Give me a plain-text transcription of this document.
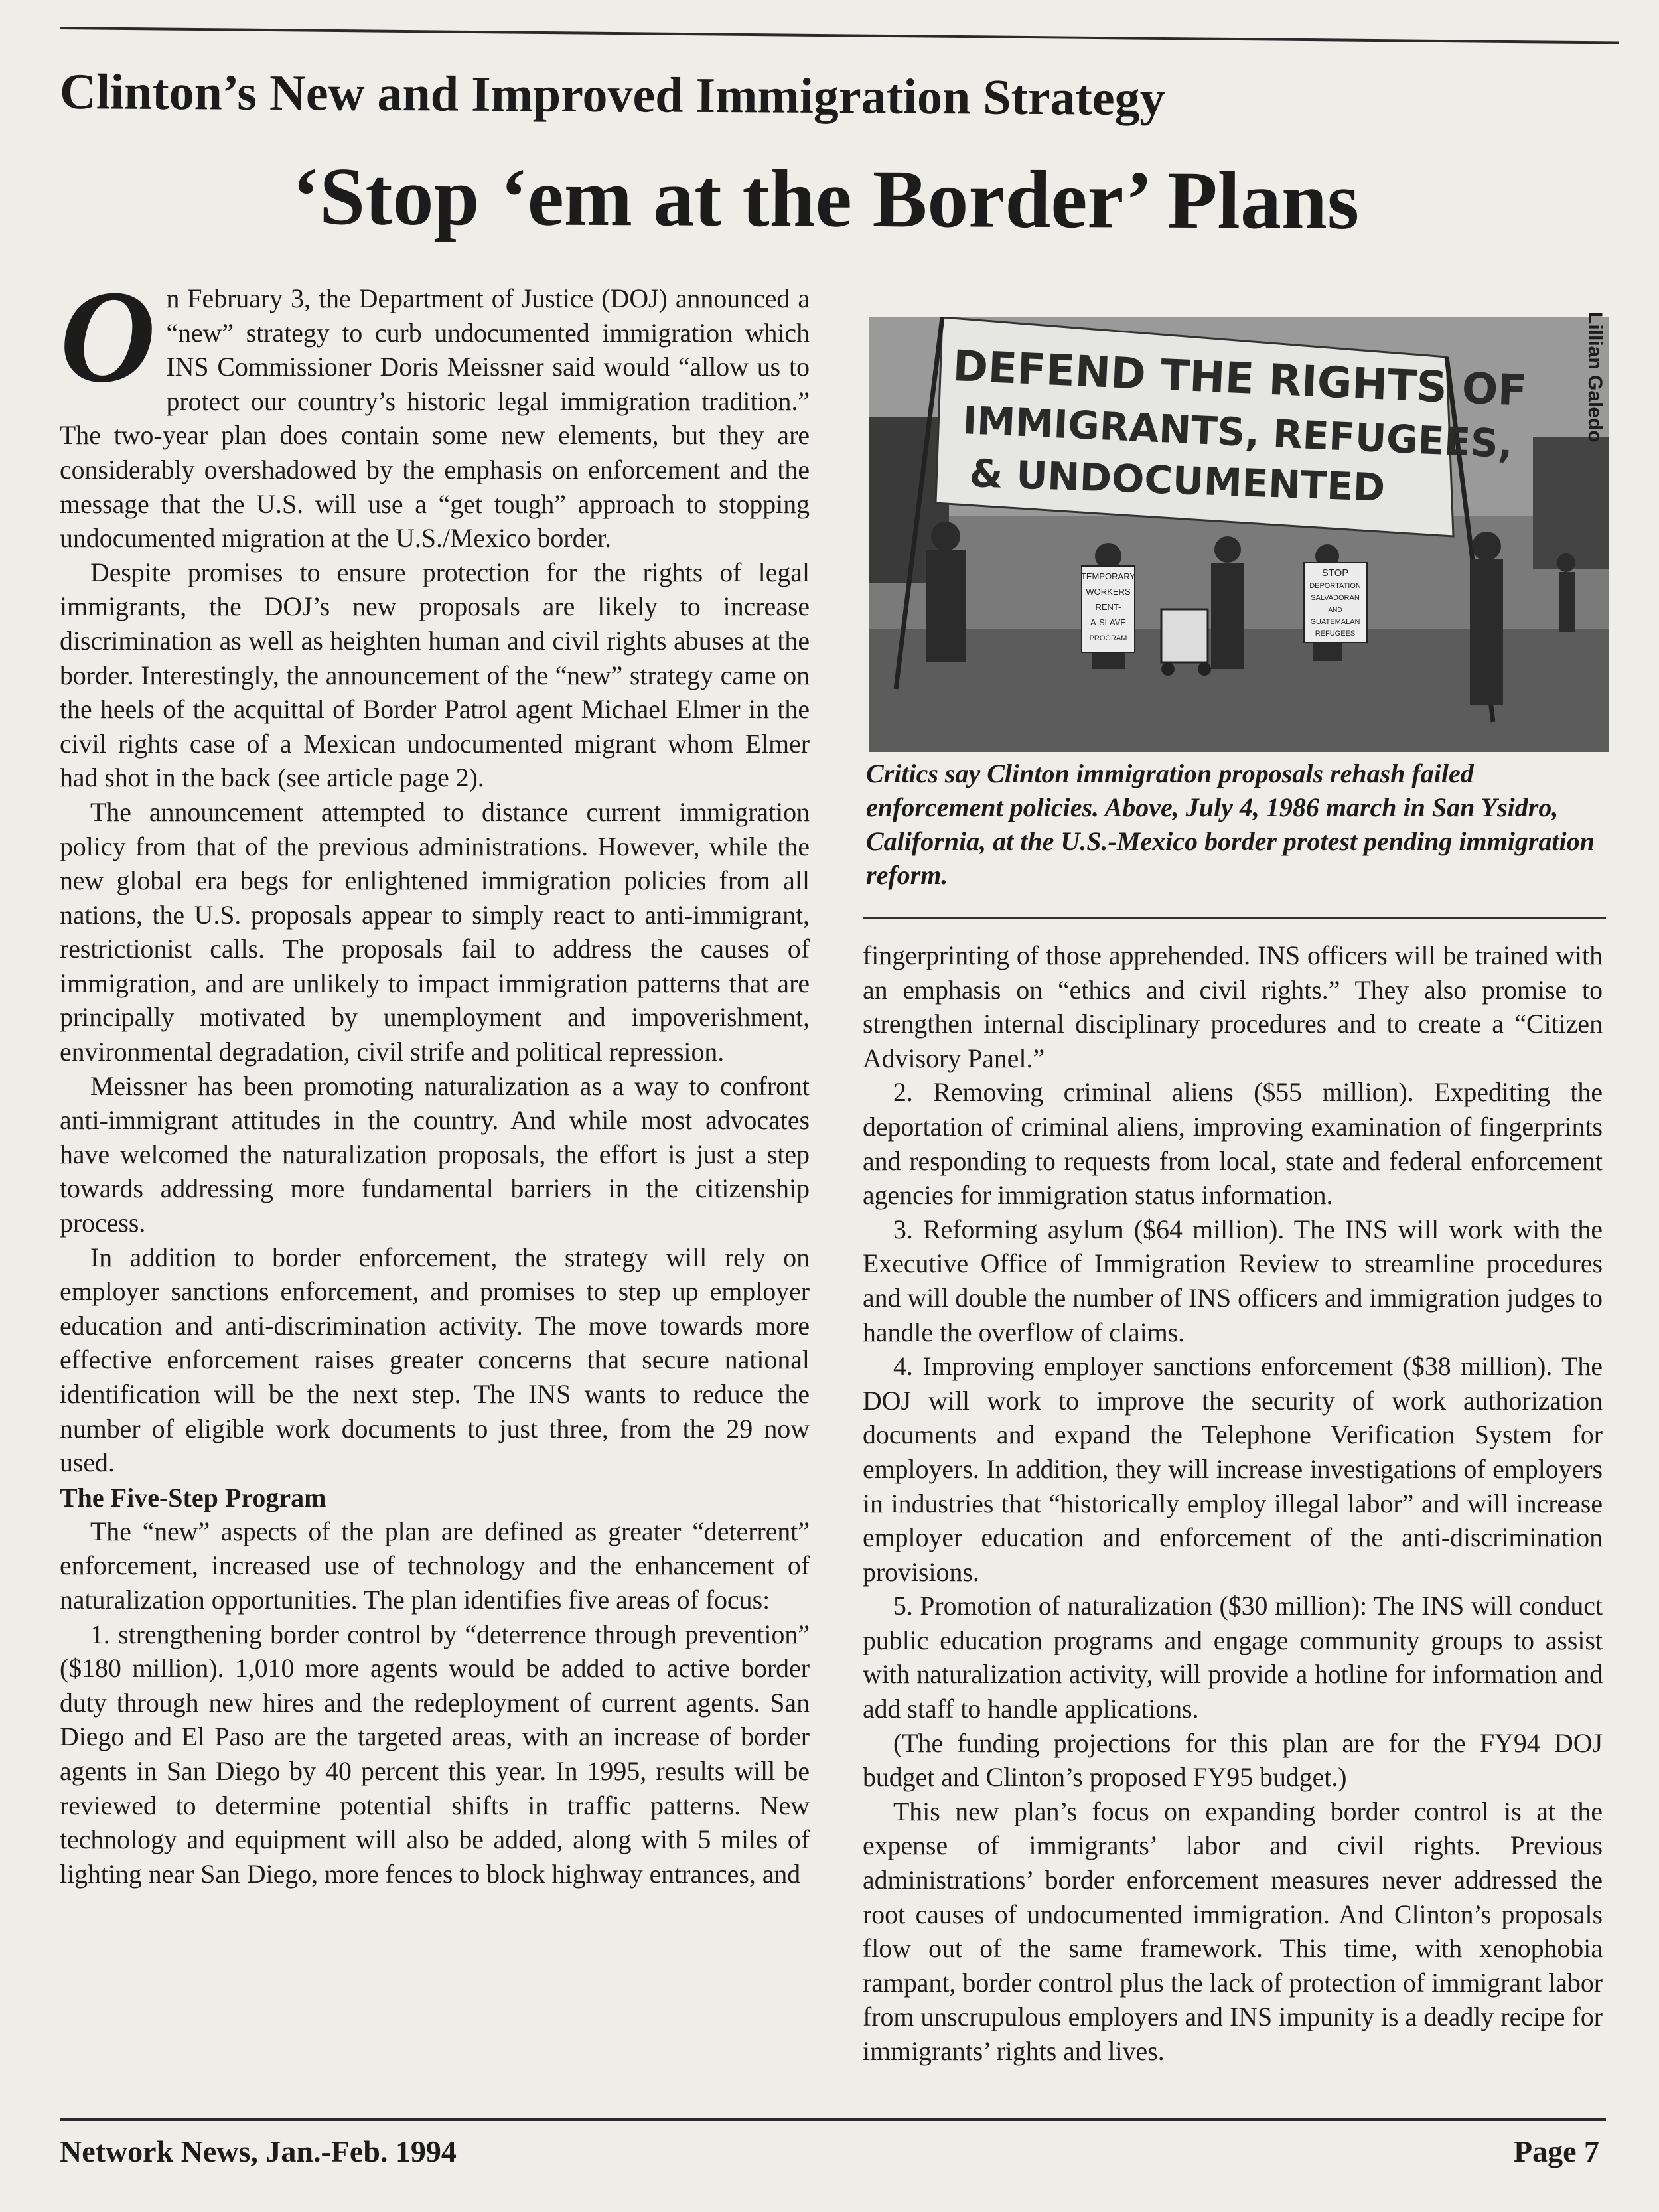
Clinton’s New and Improved Immigration Strategy
‘Stop ‘em at the Border’ Plans

On February 3, the Department of Justice (DOJ) announced a “new” strategy to curb undocumented immigration which INS Commissioner Doris Meissner said would “allow us to protect our country’s historic legal immigration tradition.” The two-year plan does contain some new elements, but they are considerably overshadowed by the emphasis on enforcement and the message that the U.S. will use a “get tough” approach to stopping undocumented migration at the U.S./Mexico border.

Despite promises to ensure protection for the rights of legal immigrants, the DOJ’s new proposals are likely to increase discrimination as well as heighten human and civil rights abuses at the border. Interestingly, the announcement of the “new” strategy came on the heels of the acquittal of Border Patrol agent Michael Elmer in the civil rights case of a Mexican undocumented migrant whom Elmer had shot in the back (see article page 2).

The announcement attempted to distance current immigration policy from that of the previous administrations. However, while the new global era begs for enlightened immigration policies from all nations, the U.S. proposals appear to simply react to anti-immigrant, restrictionist calls. The proposals fail to address the causes of immigration, and are unlikely to impact immigration patterns that are principally motivated by unemployment and impoverishment, environmental degradation, civil strife and political repression.

Meissner has been promoting naturalization as a way to confront anti-immigrant attitudes in the country. And while most advocates have welcomed the naturalization proposals, the effort is just a step towards addressing more fundamental barriers in the citizenship process.

In addition to border enforcement, the strategy will rely on employer sanctions enforcement, and promises to step up employer education and anti-discrimination activity. The move towards more effective enforcement raises greater concerns that secure national identification will be the next step. The INS wants to reduce the number of eligible work documents to just three, from the 29 now used.

The Five-Step Program

The “new” aspects of the plan are defined as greater “deterrent” enforcement, increased use of technology and the enhancement of naturalization opportunities. The plan identifies five areas of focus:

1. strengthening border control by “deterrence through prevention” ($180 million). 1,010 more agents would be added to active border duty through new hires and the redeployment of current agents. San Diego and El Paso are the targeted areas, with an increase of border agents in San Diego by 40 percent this year. In 1995, results will be reviewed to determine potential shifts in traffic patterns. New technology and equipment will also be added, along with 5 miles of lighting near San Diego, more fences to block highway entrances, and

DEFEND THE RIGHTS OF
IMMIGRANTS, REFUGEES,
& UNDOCUMENTED
TEMPORARY
WORKERS
RENT-
A-SLAVE
PROGRAM
STOP
DEPORTATION
SALVADORAN
AND
GUATEMALAN
REFUGEES
Lillian Galedo
Critics say Clinton immigration proposals rehash failed enforcement policies. Above, July 4, 1986 march in San Ysidro, California, at the U.S.-Mexico border protest pending immigration reform.

fingerprinting of those apprehended. INS officers will be trained with an emphasis on “ethics and civil rights.” They also promise to strengthen internal disciplinary procedures and to create a “Citizen Advisory Panel.”

2. Removing criminal aliens ($55 million). Expediting the deportation of criminal aliens, improving examination of fingerprints and responding to requests from local, state and federal enforcement agencies for immigration status information.

3. Reforming asylum ($64 million). The INS will work with the Executive Office of Immigration Review to streamline procedures and will double the number of INS officers and immigration judges to handle the overflow of claims.

4. Improving employer sanctions enforcement ($38 million). The DOJ will work to improve the security of work authorization documents and expand the Telephone Verification System for employers. In addition, they will increase investigations of employers in industries that “historically employ illegal labor” and will increase employer education and enforcement of the anti-discrimination provisions.

5. Promotion of naturalization ($30 million): The INS will conduct public education programs and engage community groups to assist with naturalization activity, will provide a hotline for information and add staff to handle applications.

(The funding projections for this plan are for the FY94 DOJ budget and Clinton’s proposed FY95 budget.)

This new plan’s focus on expanding border control is at the expense of immigrants’ labor and civil rights. Previous administrations’ border enforcement measures never addressed the root causes of undocumented immigration. And Clinton’s proposals flow out of the same framework. This time, with xenophobia rampant, border control plus the lack of protection of immigrant labor from unscrupulous employers and INS impunity is a deadly recipe for immigrants’ rights and lives.

Network News, Jan.-Feb. 1994	Page 7
